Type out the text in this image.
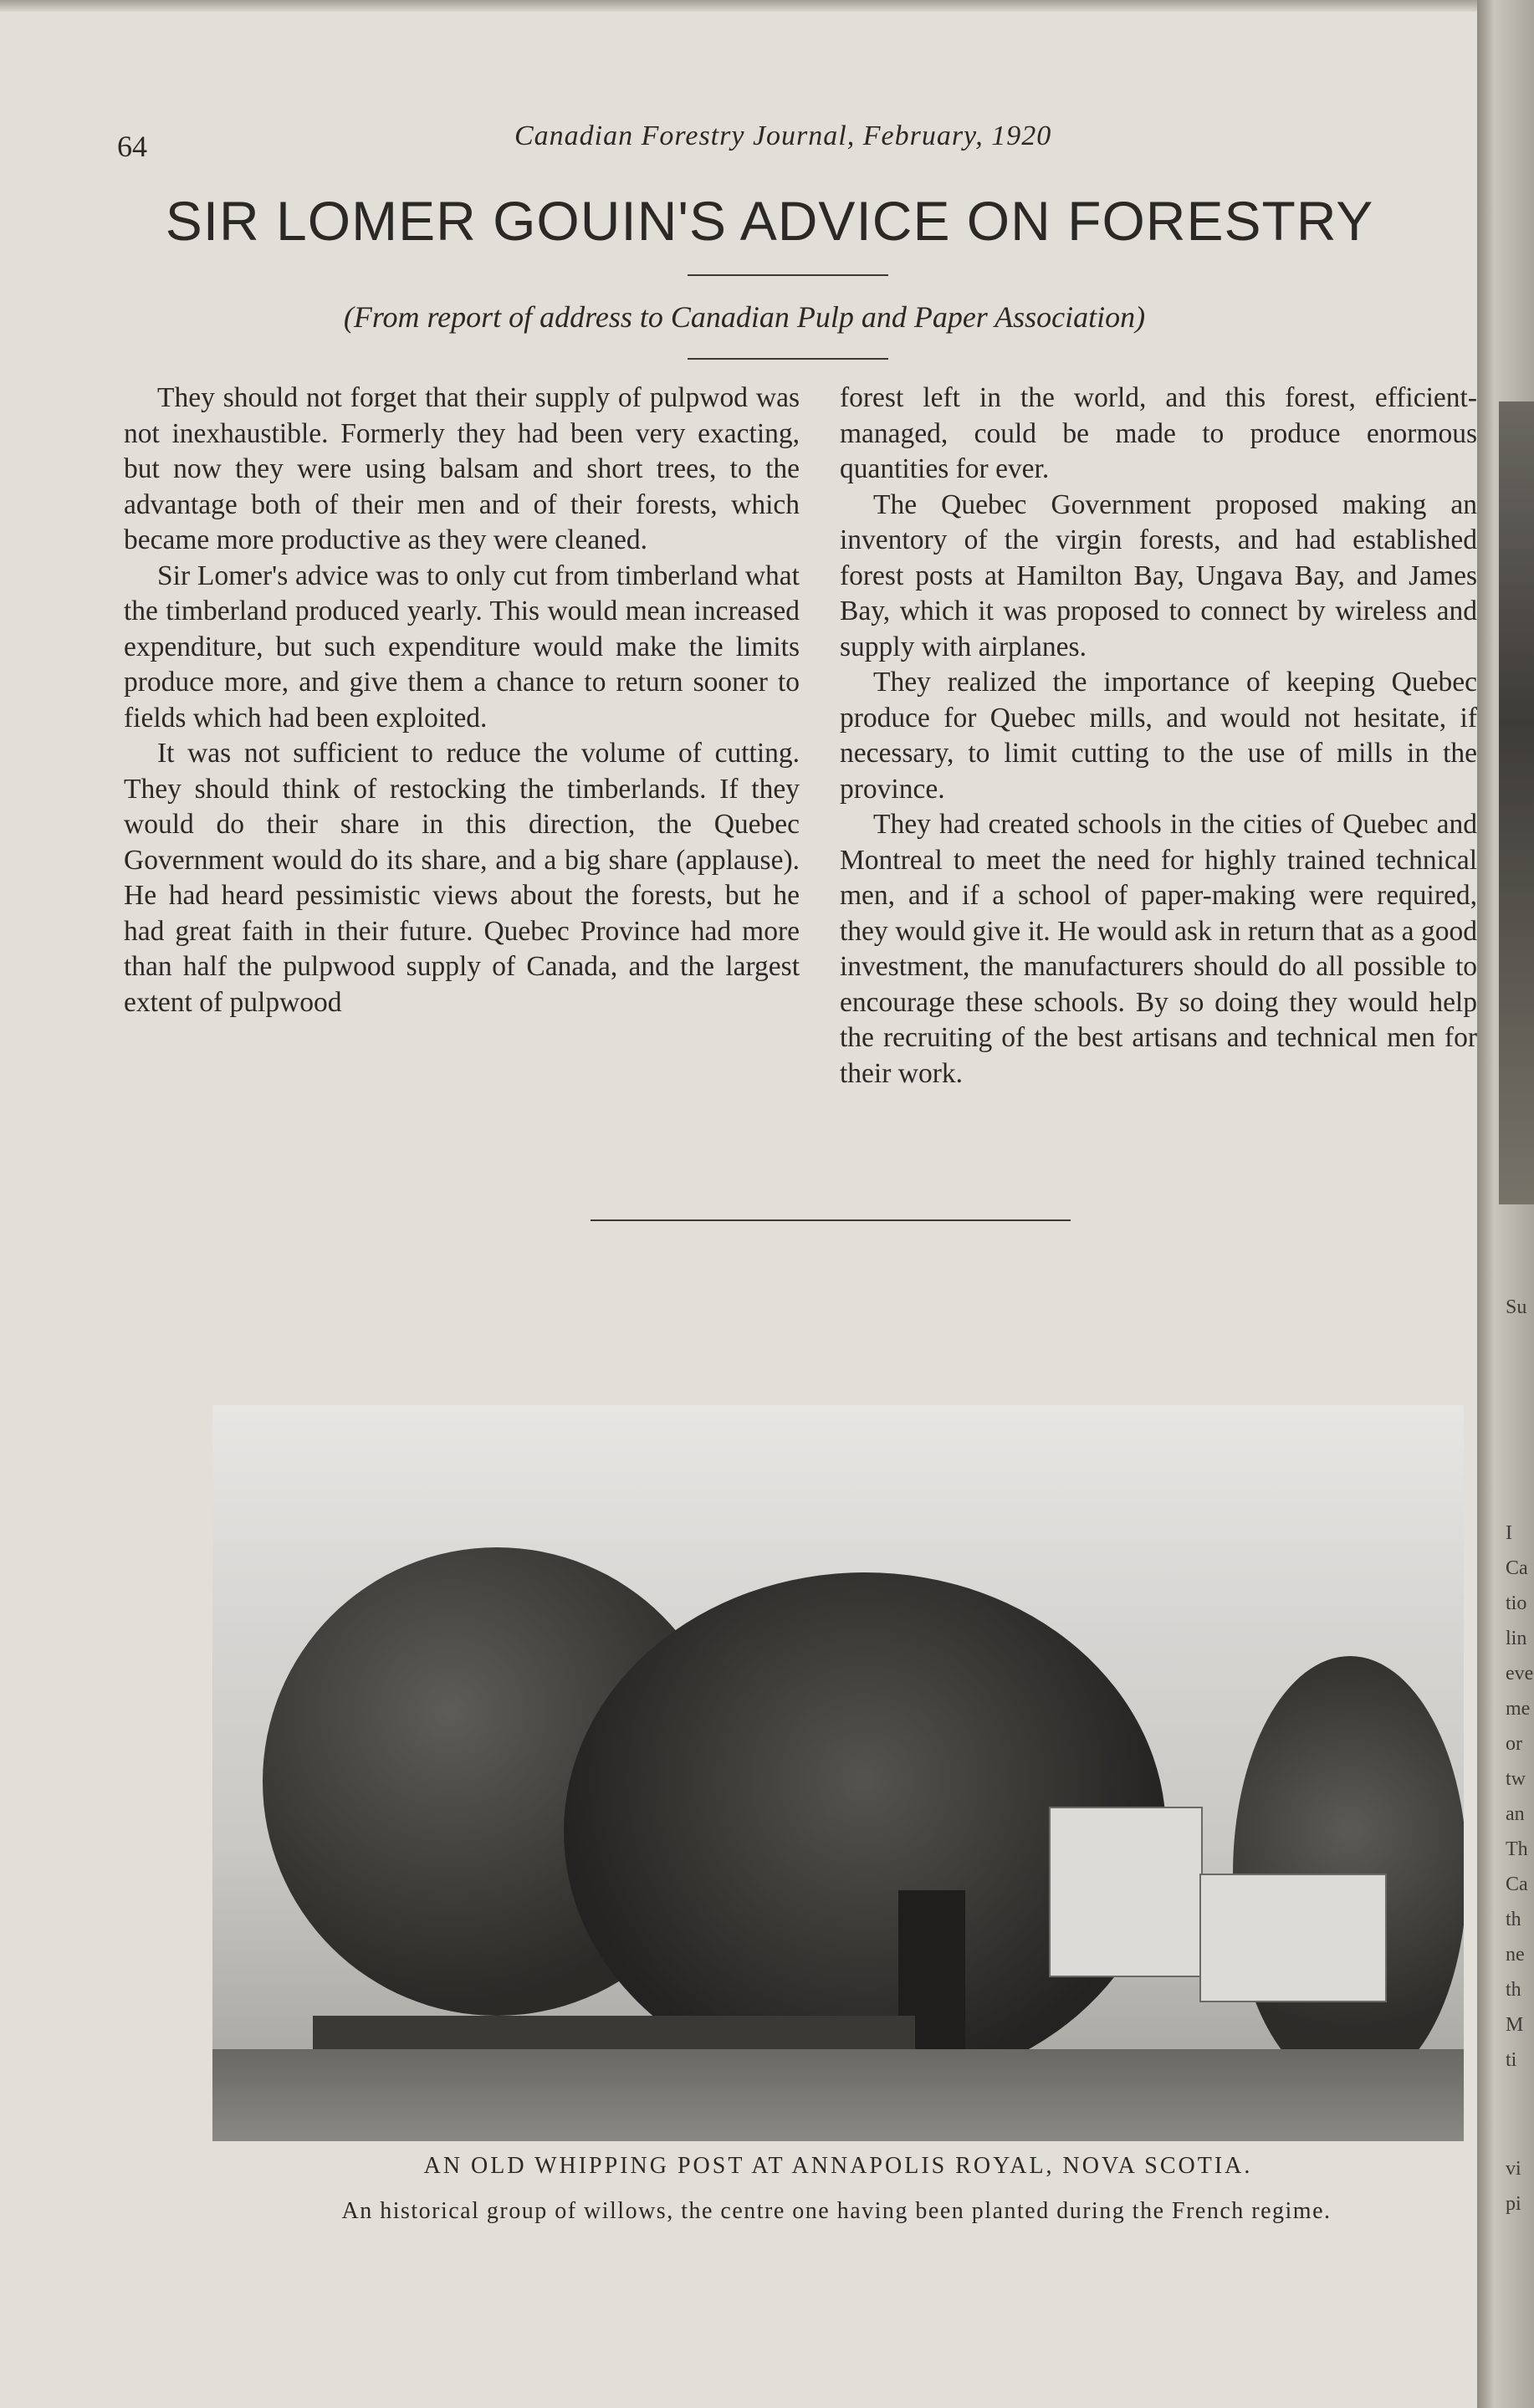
64	Canadian Forestry Journal, February, 1920
SIR LOMER GOUIN'S ADVICE ON FORESTRY
(From report of address to Canadian Pulp and Paper Association)

They should not forget that their supply of pulpwod was not inexhaustible. Formerly they had been very exacting, but now they were using balsam and short trees, to the advantage both of their men and of their forests, which became more productive as they were cleaned.

Sir Lomer's advice was to only cut from timberland what the timberland produced yearly. This would mean increased expenditure, but such expenditure would make the limits produce more, and give them a chance to return sooner to fields which had been exploited.

It was not sufficient to reduce the volume of cutting. They should think of restocking the timberlands. If they would do their share in this direction, the Quebec Government would do its share, and a big share (applause). He had heard pessimistic views about the forests, but he had great faith in their future. Quebec Province had more than half the pulpwood supply of Canada, and the largest extent of pulpwood

forest left in the world, and this forest, efficient-managed, could be made to produce enormous quantities for ever.

The Quebec Government proposed making an inventory of the virgin forests, and had established forest posts at Hamilton Bay, Ungava Bay, and James Bay, which it was proposed to connect by wireless and supply with airplanes.

They realized the importance of keeping Quebec produce for Quebec mills, and would not hesitate, if necessary, to limit cutting to the use of mills in the province.

They had created schools in the cities of Quebec and Montreal to meet the need for highly trained technical men, and if a school of paper-making were required, they would give it. He would ask in return that as a good investment, the manufacturers should do all possible to encourage these schools. By so doing they would help the recruiting of the best artisans and technical men for their work.

AN OLD WHIPPING POST AT ANNAPOLIS ROYAL, NOVA SCOTIA.
An historical group of willows, the centre one having been planted during the French regime.
Su
I
Ca
tio
lin
eve
me
or
tw
an
Th
Ca
th
ne
th
M
ti
vi
pi
